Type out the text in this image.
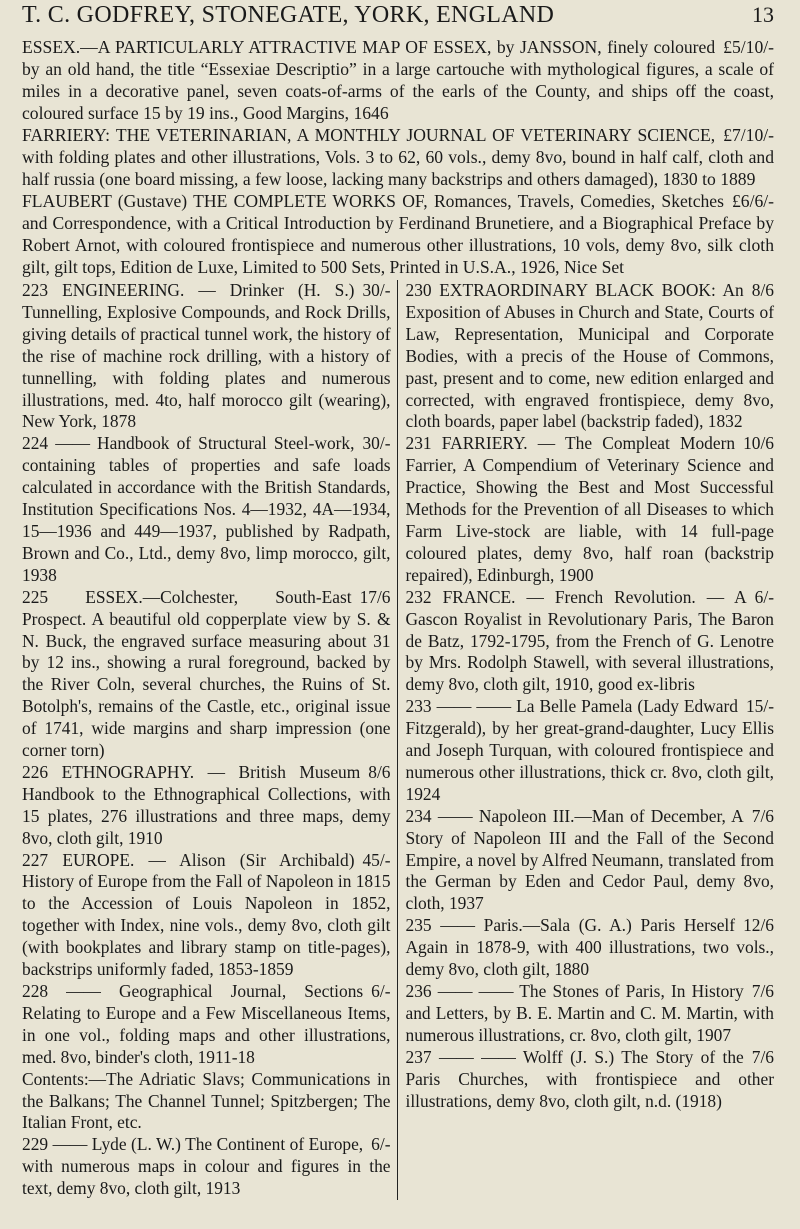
T. C. GODFREY, STONEGATE, YORK, ENGLAND	13

£5/10/-
ESSEX.—A PARTICULARLY ATTRACTIVE MAP OF ESSEX, by JANSSON, finely coloured by an old hand, the title “Essexiae Descriptio” in a large cartouche with mythological figures, a scale of miles in a decorative panel, seven coats-of-arms of the earls of the County, and ships off the coast, coloured surface 15 by 19 ins., Good Margins, 1646

£7/10/-
FARRIERY: THE VETERINARIAN, A MONTHLY JOURNAL OF VETERINARY SCIENCE, with folding plates and other illustrations, Vols. 3 to 62, 60 vols., demy 8vo, bound in half calf, cloth and half russia (one board missing, a few loose, lacking many backstrips and others damaged), 1830 to 1889

£6/6/-
FLAUBERT (Gustave) THE COMPLETE WORKS OF, Romances, Travels, Comedies, Sketches and Correspondence, with a Critical Introduction by Ferdinand Brunetiere, and a Biographical Preface by Robert Arnot, with coloured frontispiece and numerous other illustrations, 10 vols, demy 8vo, silk cloth gilt, gilt tops, Edition de Luxe, Limited to 500 Sets, Printed in U.S.A., 1926, Nice Set

30/-
223 ENGINEERING. — Drinker (H. S.) Tunnelling, Explosive Compounds, and Rock Drills, giving details of practical tunnel work, the history of the rise of machine rock drilling, with a history of tunnelling, with folding plates and numerous illustrations, med. 4to, half morocco gilt (wearing), New York, 1878

30/-
224 —— Handbook of Structural Steel-work, containing tables of properties and safe loads calculated in accordance with the British Standards, Institution Specifications Nos. 4—1932, 4A—1934, 15—1936 and 449—1937, published by Radpath, Brown and Co., Ltd., demy 8vo, limp morocco, gilt, 1938

17/6
225 ESSEX.—Colchester, South-East Prospect. A beautiful old copperplate view by S. & N. Buck, the engraved surface measuring about 31 by 12 ins., showing a rural foreground, backed by the River Coln, several churches, the Ruins of St. Botolph's, remains of the Castle, etc., original issue of 1741, wide margins and sharp impression (one corner torn)

8/6
226 ETHNOGRAPHY. — British Museum Handbook to the Ethnographical Collections, with 15 plates, 276 illustrations and three maps, demy 8vo, cloth gilt, 1910

45/-
227 EUROPE. — Alison (Sir Archibald) History of Europe from the Fall of Napoleon in 1815 to the Accession of Louis Napoleon in 1852, together with Index, nine vols., demy 8vo, cloth gilt (with bookplates and library stamp on title-pages), backstrips uniformly faded, 1853-1859

6/-
228 —— Geographical Journal, Sections Relating to Europe and a Few Miscellaneous Items, in one vol., folding maps and other illustrations, med. 8vo, binder's cloth, 1911-18

Contents:—The Adriatic Slavs; Communications in the Balkans; The Channel Tunnel; Spitzbergen; The Italian Front, etc.

6/-
229 —— Lyde (L. W.) The Continent of Europe, with numerous maps in colour and figures in the text, demy 8vo, cloth gilt, 1913

8/6
230 EXTRAORDINARY BLACK BOOK: An Exposition of Abuses in Church and State, Courts of Law, Representation, Municipal and Corporate Bodies, with a precis of the House of Commons, past, present and to come, new edition enlarged and corrected, with engraved frontispiece, demy 8vo, cloth boards, paper label (backstrip faded), 1832

10/6
231 FARRIERY. — The Compleat Modern Farrier, A Compendium of Veterinary Science and Practice, Showing the Best and Most Successful Methods for the Prevention of all Diseases to which Farm Live-stock are liable, with 14 full-page coloured plates, demy 8vo, half roan (backstrip repaired), Edinburgh, 1900

6/-
232 FRANCE. — French Revolution. — A Gascon Royalist in Revolutionary Paris, The Baron de Batz, 1792-1795, from the French of G. Lenotre by Mrs. Rodolph Stawell, with several illustrations, demy 8vo, cloth gilt, 1910, good ex-libris

15/-
233 —— —— La Belle Pamela (Lady Edward Fitzgerald), by her great-grand-daughter, Lucy Ellis and Joseph Turquan, with coloured frontispiece and numerous other illustrations, thick cr. 8vo, cloth gilt, 1924

7/6
234 —— Napoleon III.—Man of December, A Story of Napoleon III and the Fall of the Second Empire, a novel by Alfred Neumann, translated from the German by Eden and Cedor Paul, demy 8vo, cloth, 1937

12/6
235 —— Paris.—Sala (G. A.) Paris Herself Again in 1878-9, with 400 illustrations, two vols., demy 8vo, cloth gilt, 1880

7/6
236 —— —— The Stones of Paris, In History and Letters, by B. E. Martin and C. M. Martin, with numerous illustrations, cr. 8vo, cloth gilt, 1907

7/6
237 —— —— Wolff (J. S.) The Story of the Paris Churches, with frontispiece and other illustrations, demy 8vo, cloth gilt, n.d. (1918)
